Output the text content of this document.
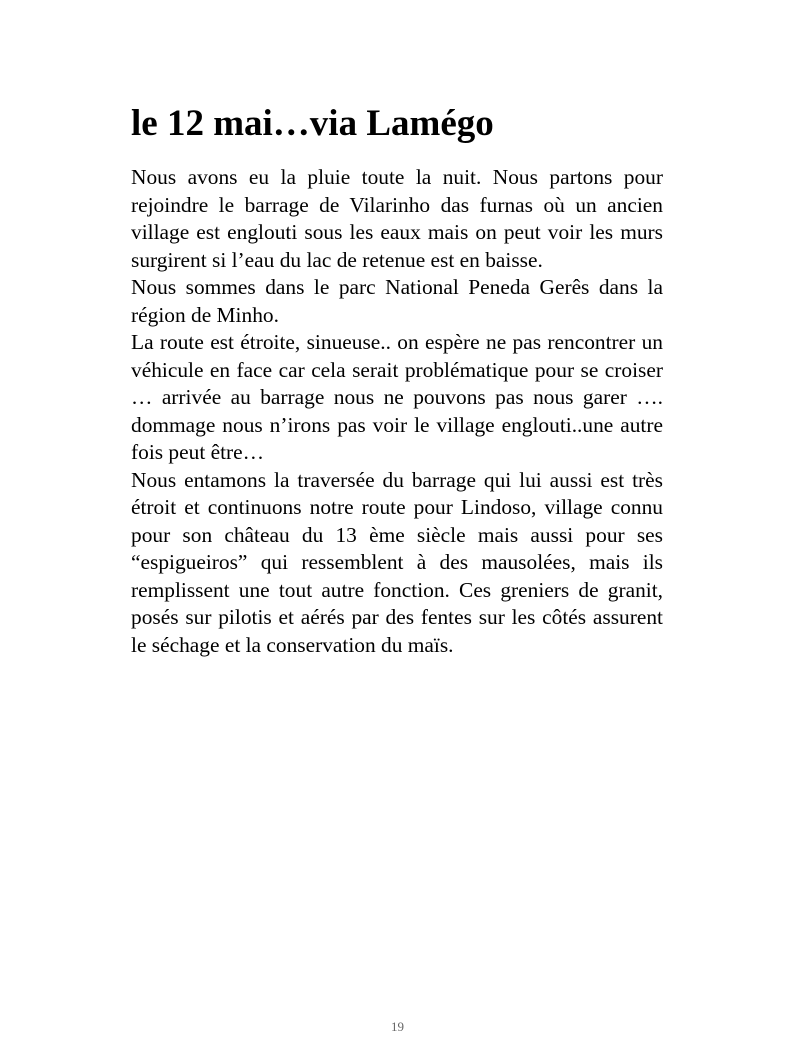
le 12 mai…via Lamégo

Nous avons eu la pluie toute la nuit. Nous partons pour rejoindre le barrage de Vilarinho das furnas où un ancien village est englouti sous les eaux mais on peut voir les murs surgirent si l’eau du lac de retenue est en baisse.

Nous sommes dans le parc National Peneda Gerês dans la région de Minho.

La route est étroite, sinueuse.. on espère ne pas rencontrer un véhicule en face car cela serait problématique pour se croiser … arrivée au barrage nous ne pouvons pas nous garer …. dommage nous n’irons pas voir le village englouti..une autre fois peut être…

Nous entamons la traversée du barrage qui lui aussi est très étroit et continuons notre route pour Lindoso, village connu pour son château du 13 ème siècle mais aussi pour ses “espigueiros” qui ressemblent à des mausolées, mais ils remplissent une tout autre fonction. Ces greniers de granit, posés sur pilotis et aérés par des fentes sur les côtés assurent le séchage et la conservation du maïs.

19
